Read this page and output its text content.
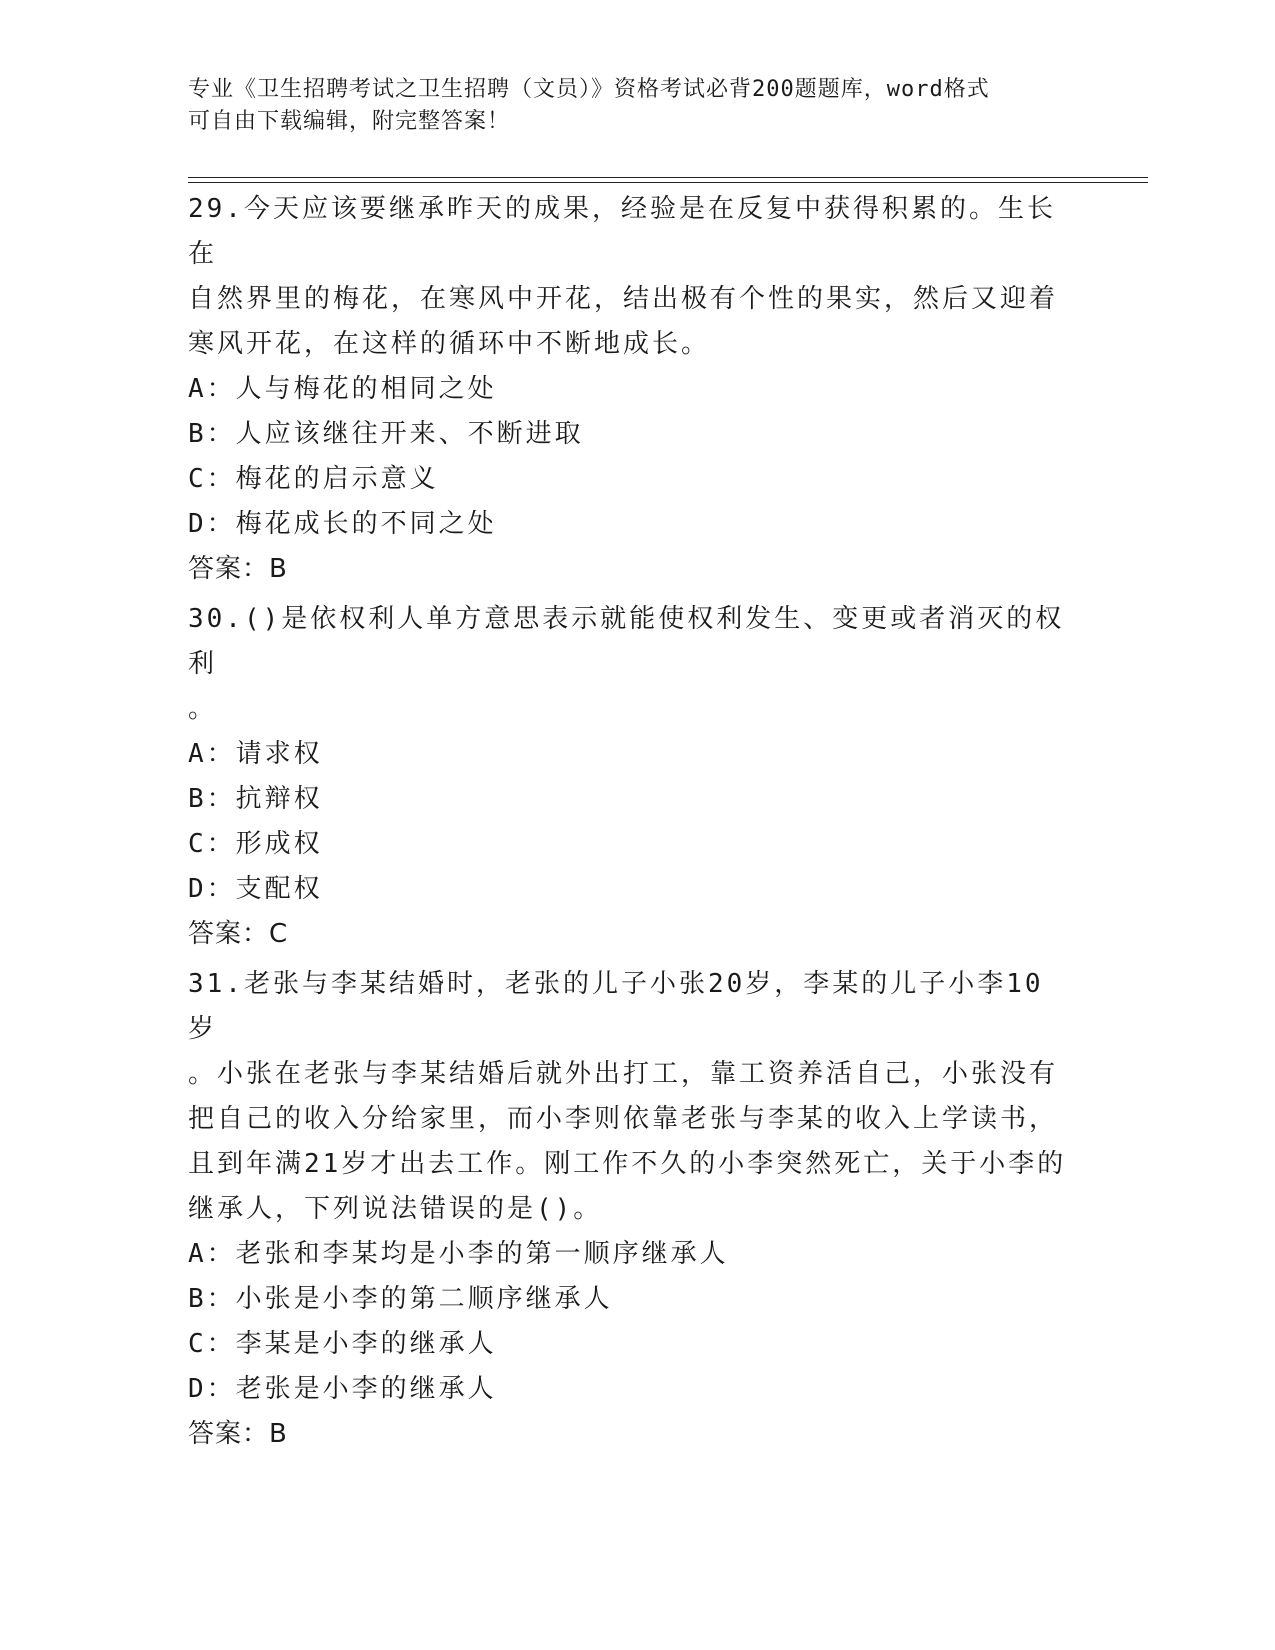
专业《卫生招聘考试之卫生招聘（文员）》资格考试必背200题题库，word格式
可自由下载编辑，附完整答案！
29.今天应该要继承昨天的成果，经验是在反复中获得积累的。生长在
自然界里的梅花，在寒风中开花，结出极有个性的果实，然后又迎着
寒风开花，在这样的循环中不断地成长。
A：人与梅花的相同之处
B：人应该继往开来、不断进取
C：梅花的启示意义
D：梅花成长的不同之处
答案：B
30.()是依权利人单方意思表示就能使权利发生、变更或者消灭的权利
。
A：请求权
B：抗辩权
C：形成权
D：支配权
答案：C
31.老张与李某结婚时，老张的儿子小张20岁，李某的儿子小李10岁
。小张在老张与李某结婚后就外出打工，靠工资养活自己，小张没有
把自己的收入分给家里，而小李则依靠老张与李某的收入上学读书，
且到年满21岁才出去工作。刚工作不久的小李突然死亡，关于小李的
继承人，下列说法错误的是()。
A：老张和李某均是小李的第一顺序继承人
B：小张是小李的第二顺序继承人
C：李某是小李的继承人
D：老张是小李的继承人
答案：B
